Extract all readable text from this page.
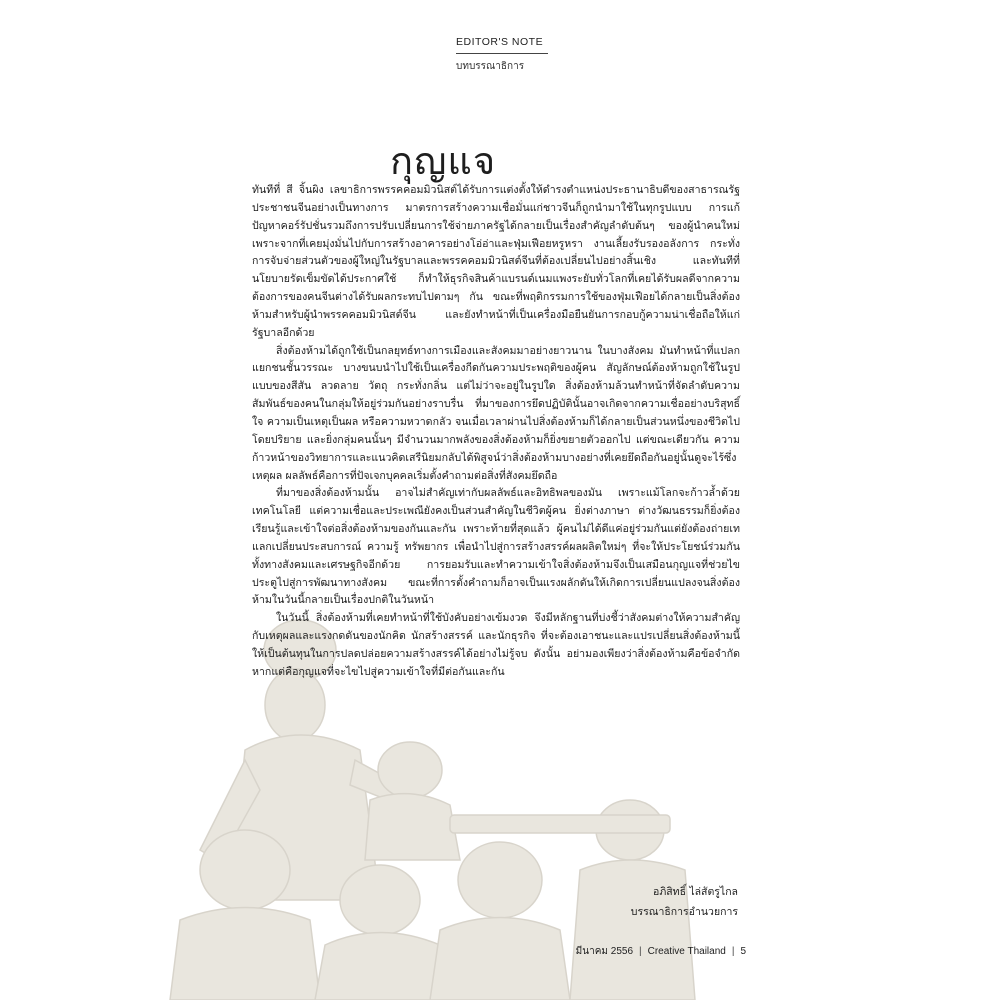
EDITOR'S NOTE
บทบรรณาธิการ
กุญแจ

ทันทีที่ สี จิ้นผิง เลขาธิการพรรคคอมมิวนิสต์ได้รับการแต่งตั้งให้ดำรงตำแหน่งประธานาธิบดีของสาธารณรัฐประชาชนจีนอย่างเป็นทางการ มาตรการสร้างความเชื่อมั่นแก่ชาวจีนก็ถูกนำมาใช้ในทุกรูปแบบ การแก้ปัญหาคอร์รัปชั่นรวมถึงการปรับเปลี่ยนการใช้จ่ายภาครัฐได้กลายเป็นเรื่องสำคัญลำดับต้นๆ ของผู้นำคนใหม่ เพราะจากที่เคยมุ่งมั่นไปกับการสร้างอาคารอย่างโอ่อ่าและฟุ่มเฟือยหรูหรา งานเลี้ยงรับรองอลังการ กระทั่งการจับจ่ายส่วนตัวของผู้ใหญ่ในรัฐบาลและพรรคคอมมิวนิสต์จีนที่ต้องเปลี่ยนไปอย่างสิ้นเชิง และทันทีที่นโยบายรัดเข็มขัดได้ประกาศใช้ ก็ทำให้ธุรกิจสินค้าแบรนด์เนมแพงระยับทั่วโลกที่เคยได้รับผลดีจากความต้องการของคนจีนต่างได้รับผลกระทบไปตามๆ กัน ขณะที่พฤติกรรมการใช้ของฟุ่มเฟือยได้กลายเป็นสิ่งต้องห้ามสำหรับผู้นำพรรคคอมมิวนิสต์จีน และยังทำหน้าที่เป็นเครื่องมือยืนยันการกอบกู้ความน่าเชื่อถือให้แก่รัฐบาลอีกด้วย

สิ่งต้องห้ามได้ถูกใช้เป็นกลยุทธ์ทางการเมืองและสังคมมาอย่างยาวนาน ในบางสังคม มันทำหน้าที่แปลกแยกชนชั้นวรรณะ บางขนบนำไปใช้เป็นเครื่องกีดกันความประพฤติของผู้คน สัญลักษณ์ต้องห้ามถูกใช้ในรูปแบบของสีสัน ลวดลาย วัตถุ กระทั่งกลิ่น แต่ไม่ว่าจะอยู่ในรูปใด สิ่งต้องห้ามล้วนทำหน้าที่จัดลำดับความสัมพันธ์ของคนในกลุ่มให้อยู่ร่วมกันอย่างราบรื่น ที่มาของการยึดปฏิบัตินั้นอาจเกิดจากความเชื่ออย่างบริสุทธิ์ใจ ความเป็นเหตุเป็นผล หรือความหวาดกลัว จนเมื่อเวลาผ่านไปสิ่งต้องห้ามก็ได้กลายเป็นส่วนหนึ่งของชีวิตไปโดยปริยาย และยิ่งกลุ่มคนนั้นๆ มีจำนวนมากพลังของสิ่งต้องห้ามก็ยิ่งขยายตัวออกไป แต่ขณะเดียวกัน ความก้าวหน้าของวิทยาการและแนวคิดเสรีนิยมกลับได้พิสูจน์ว่าสิ่งต้องห้ามบางอย่างที่เคยยึดถือกันอยู่นั้นดูจะไร้ซึ่งเหตุผล ผลลัพธ์คือการที่ปัจเจกบุคคลเริ่มตั้งคำถามต่อสิ่งที่สังคมยึดถือ

ที่มาของสิ่งต้องห้ามนั้น อาจไม่สำคัญเท่ากับผลลัพธ์และอิทธิพลของมัน เพราะแม้โลกจะก้าวล้ำด้วยเทคโนโลยี แต่ความเชื่อและประเพณียังคงเป็นส่วนสำคัญในชีวิตผู้คน ยิ่งต่างภาษา ต่างวัฒนธรรมก็ยิ่งต้องเรียนรู้และเข้าใจต่อสิ่งต้องห้ามของกันและกัน เพราะท้ายที่สุดแล้ว ผู้คนไม่ได้ดีแค่อยู่ร่วมกันแต่ยังต้องถ่ายเทแลกเปลี่ยนประสบการณ์ ความรู้ ทรัพยากร เพื่อนำไปสู่การสร้างสรรค์ผลผลิตใหม่ๆ ที่จะให้ประโยชน์ร่วมกันทั้งทางสังคมและเศรษฐกิจอีกด้วย การยอมรับและทำความเข้าใจสิ่งต้องห้ามจึงเป็นเสมือนกุญแจที่ช่วยไขประตูไปสู่การพัฒนาทางสังคม ขณะที่การตั้งคำถามก็อาจเป็นแรงผลักดันให้เกิดการเปลี่ยนแปลงจนสิ่งต้องห้ามในวันนี้กลายเป็นเรื่องปกติในวันหน้า

ในวันนี้ สิ่งต้องห้ามที่เคยทำหน้าที่ใช้บังคับอย่างเข้มงวด จึงมีหลักฐานที่บ่งชี้ว่าสังคมต่างให้ความสำคัญกับเหตุผลและแรงกดดันของนักคิด นักสร้างสรรค์ และนักธุรกิจ ที่จะต้องเอาชนะและแปรเปลี่ยนสิ่งต้องห้ามนี้ให้เป็นต้นทุนในการปลดปล่อยความสร้างสรรค์ได้อย่างไม่รู้จบ ดังนั้น อย่ามองเพียงว่าสิ่งต้องห้ามคือข้อจำกัด หากแต่คือกุญแจที่จะไขไปสู่ความเข้าใจที่มีต่อกันและกัน

อภิสิทธิ์ ไล่สัตรูไกล
บรรณาธิการอำนวยการ
มีนาคม 2556 | Creative Thailand | 5
